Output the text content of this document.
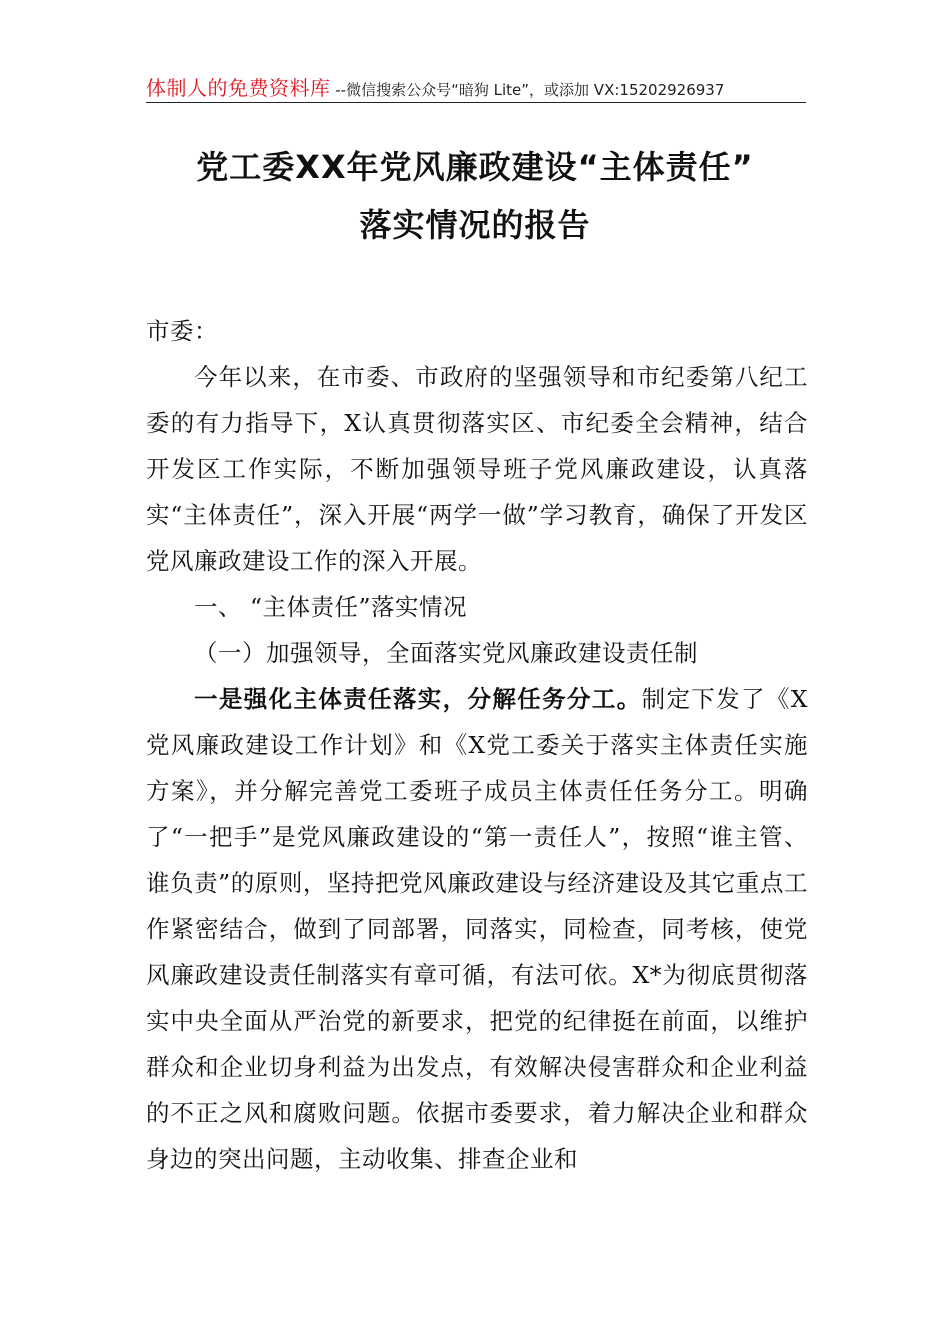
体制人的免费资料库 --微信搜索公众号“暗狗 Lite”，或添加 VX:15202926937
党工委XX年党风廉政建设“主体责任”
落实情况的报告

市委：

今年以来，在市委、市政府的坚强领导和市纪委第八纪工委的有力指导下，X认真贯彻落实区、市纪委全会精神，结合开发区工作实际，不断加强领导班子党风廉政建设，认真落实“主体责任”，深入开展“两学一做”学习教育，确保了开发区党风廉政建设工作的深入开展。

一、 “主体责任”落实情况

（一）加强领导，全面落实党风廉政建设责任制

一是强化主体责任落实，分解任务分工。制定下发了《X党风廉政建设工作计划》和《X党工委关于落实主体责任实施方案》，并分解完善党工委班子成员主体责任任务分工。明确了“一把手”是党风廉政建设的“第一责任人”，按照“谁主管、谁负责”的原则，坚持把党风廉政建设与经济建设及其它重点工作紧密结合，做到了同部署，同落实，同检查，同考核，使党风廉政建设责任制落实有章可循，有法可依。X*为彻底贯彻落实中央全面从严治党的新要求，把党的纪律挺在前面，以维护群众和企业切身利益为出发点，有效解决侵害群众和企业利益的不正之风和腐败问题。依据市委要求，着力解决企业和群众身边的突出问题，主动收集、排查企业和
